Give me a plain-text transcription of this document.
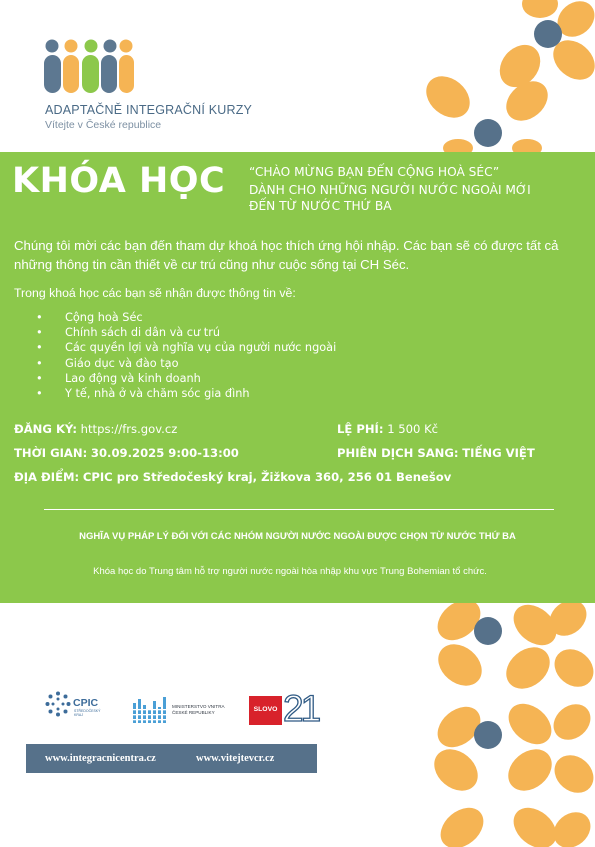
ADAPTAČNĚ INTEGRAČNÍ KURZY
Vítejte v České republice
KHÓA HỌC “CHÀO MỪNG BẠN ĐẾN CỘNG HOÀ SÉC”
DÀNH CHO NHỮNG NGƯỜI NƯỚC NGOÀI MỚI
ĐẾN TỪ NƯỚC THỨ BA
Chúng tôi mời các bạn đến tham dự khoá học thích ứng hội nhập. Các bạn sẽ có được tất cả những thông tin cần thiết về cư trú cũng như cuộc sống tại CH Séc.
Trong khoá học các bạn sẽ nhận được thông tin về:
• Cộng hoà Séc
• Chính sách di dân và cư trú
• Các quyền lợi và nghĩa vụ của người nước ngoài
• Giáo dục và đào tạo
• Lao động và kinh doanh
• Y tế, nhà ở và chăm sóc gia đình
ĐĂNG KÝ: https://frs.gov.cz	LỆ PHÍ: 1 500 Kč
THỜI GIAN: 30.09.2025 9:00-13:00	PHIÊN DỊCH SANG: TIẾNG VIỆT
ĐỊA ĐIỂM: CPIC pro Středočeský kraj, Žižkova 360, 256 01 Benešov
NGHĨA VỤ PHÁP LÝ ĐỐI VỚI CÁC NHÓM NGƯỜI NƯỚC NGOÀI ĐƯỢC CHỌN TỪ NƯỚC THỨ BA
Khóa học do Trung tâm hỗ trợ người nước ngoài hòa nhập khu vực Trung Bohemian tổ chức.
CPIC
STŘEDOČESKÝ KRAJ
MINISTERSTVO VNITRA ČESKÉ REPUBLIKY	SLOVO 21
www.integracnicentra.cz	www.vitejtevcr.cz
